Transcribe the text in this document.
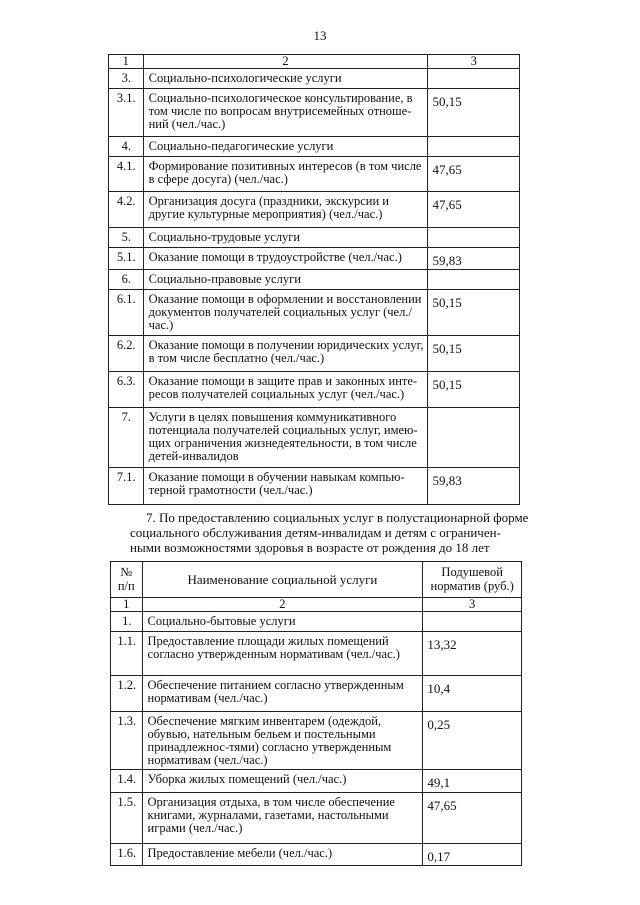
13
1	2	3
3.	Социально-психологические услуги	
3.1.	Социально-психологическое консультирование, в том числе по вопросам внутрисемейных отноше-ний (чел./час.)	50,15
4.	Социально-педагогические услуги	
4.1.	Формирование позитивных интересов (в том числе в сфере досуга) (чел./час.)	47,65
4.2.	Организация досуга (праздники, экскурсии и другие культурные мероприятия) (чел./час.)	47,65
5.	Социально-трудовые услуги	
5.1.	Оказание помощи в трудоустройстве (чел./час.)	59,83
6.	Социально-правовые услуги	
6.1.	Оказание помощи в оформлении и восстановлении документов получателей социальных услуг (чел./час.)	50,15
6.2.	Оказание помощи в получении юридических услуг, в том числе бесплатно (чел./час.)	50,15
6.3.	Оказание помощи в защите прав и законных инте-ресов получателей социальных услуг (чел./час.)	50,15
7.	Услуги в целях повышения коммуникативного потенциала получателей социальных услуг, имею-щих ограничения жизнедеятельности, в том числе детей-инвалидов	
7.1.	Оказание помощи в обучении навыкам компью-терной грамотности (чел./час.)	59,83
7. По предоставлению социальных услуг в полустационарной форме
социального обслуживания детям-инвалидам и детям с ограничен-
ными возможностями здоровья в возрасте от рождения до 18 лет
№ п/п	Наименование социальной услуги	Подушевой норматив (руб.)
1	2	3
1.	Социально-бытовые услуги	
1.1.	Предоставление площади жилых помещений согласно утвержденным нормативам (чел./час.)	13,32
1.2.	Обеспечение питанием согласно утвержденным нормативам (чел./час.)	10,4
1.3.	Обеспечение мягким инвентарем (одеждой, обувью, нательным бельем и постельными принадлежнос-тями) согласно утвержденным нормативам (чел./час.)	0,25
1.4.	Уборка жилых помещений (чел./час.)	49,1
1.5.	Организация отдыха, в том числе обеспечение книгами, журналами, газетами, настольными играми (чел./час.)	47,65
1.6.	Предоставление мебели (чел./час.)	0,17
